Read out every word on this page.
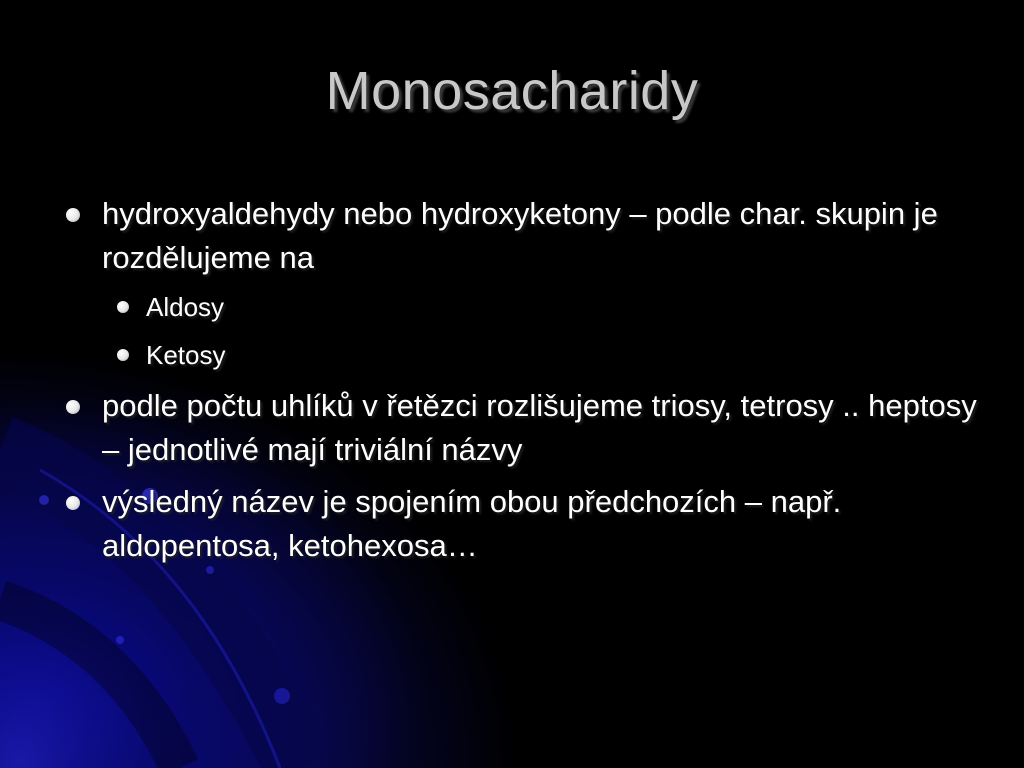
Monosacharidy
hydroxyaldehydy nebo hydroxyketony – podle char. skupin je rozdělujeme na
Aldosy
Ketosy
podle počtu uhlíků v řetězci rozlišujeme triosy, tetrosy .. heptosy – jednotlivé mají triviální názvy
výsledný název je spojením obou předchozích – např. aldopentosa, ketohexosa…
